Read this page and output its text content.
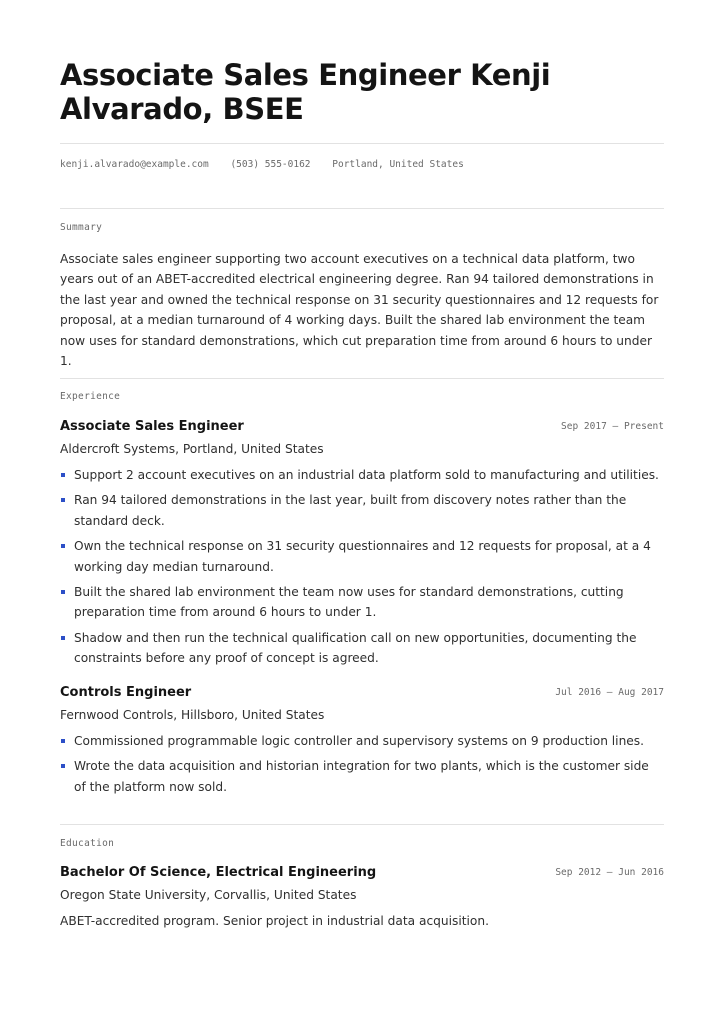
Associate Sales Engineer Kenji Alvarado, BSEE
kenji.alvarado@example.com (503) 555-0162 Portland, United States
Summary

Associate sales engineer supporting two account executives on a technical data platform, two years out of an ABET-accredited electrical engineering degree. Ran 94 tailored demonstrations in the last year and owned the technical response on 31 security questionnaires and 12 requests for proposal, at a median turnaround of 4 working days. Built the shared lab environment the team now uses for standard demonstrations, which cut preparation time from around 6 hours to under 1.

Experience
Associate Sales Engineer	Sep 2017 – Present
Aldercroft Systems, Portland, United States
Support 2 account executives on an industrial data platform sold to manufacturing and utilities.
Ran 94 tailored demonstrations in the last year, built from discovery notes rather than the standard deck.
Own the technical response on 31 security questionnaires and 12 requests for proposal, at a 4 working day median turnaround.
Built the shared lab environment the team now uses for standard demonstrations, cutting preparation time from around 6 hours to under 1.
Shadow and then run the technical qualification call on new opportunities, documenting the constraints before any proof of concept is agreed.
Controls Engineer	Jul 2016 – Aug 2017
Fernwood Controls, Hillsboro, United States
Commissioned programmable logic controller and supervisory systems on 9 production lines.
Wrote the data acquisition and historian integration for two plants, which is the customer side of the platform now sold.
Education
Bachelor Of Science, Electrical Engineering	Sep 2012 – Jun 2016
Oregon State University, Corvallis, United States
ABET-accredited program. Senior project in industrial data acquisition.
